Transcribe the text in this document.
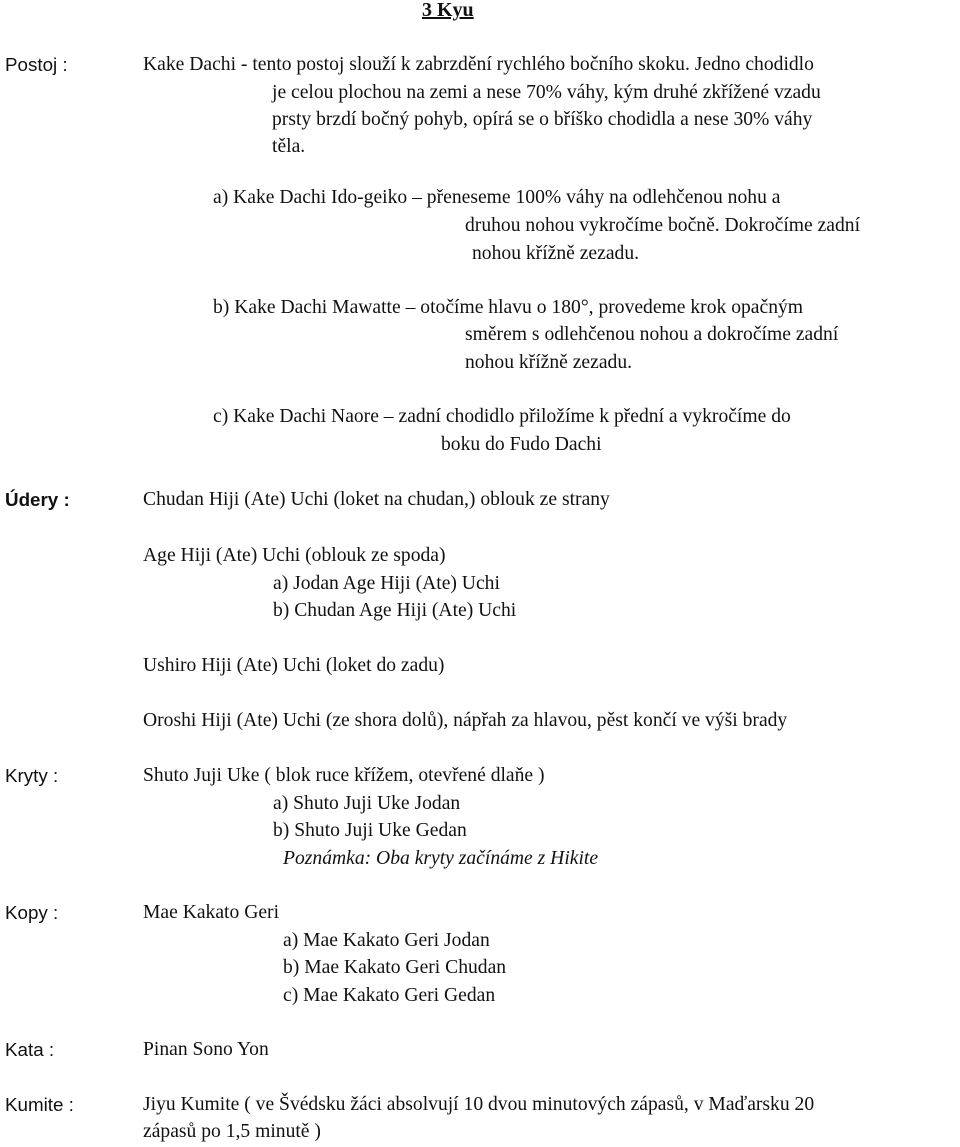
3 Kyu
Postoj :	Kake Dachi - tento postoj slouží k zabrzdění rychlého bočního skoku. Jedno chodidlo
je celou plochou na zemi a nese 70% váhy, kým druhé zkřížené vzadu
prsty brzdí bočný pohyb, opírá se o bříško chodidla a nese 30% váhy
těla.
a) Kake Dachi Ido-geiko – přeneseme 100% váhy na odlehčenou nohu a
druhou nohou vykročíme bočně. Dokročíme zadní
nohou křížně zezadu.
b) Kake Dachi Mawatte – otočíme hlavu o 180°, provedeme krok opačným
směrem s odlehčenou nohou a dokročíme zadní
nohou křížně zezadu.
c) Kake Dachi Naore – zadní chodidlo přiložíme k přední a vykročíme do
boku do Fudo Dachi
Údery :	Chudan Hiji (Ate) Uchi (loket na chudan,) oblouk ze strany
Age Hiji (Ate) Uchi (oblouk ze spoda)
a) Jodan Age Hiji (Ate) Uchi
b) Chudan Age Hiji (Ate) Uchi
Ushiro Hiji (Ate) Uchi (loket do zadu)
Oroshi Hiji (Ate) Uchi (ze shora dolů), nápřah za hlavou, pěst končí ve výši brady
Kryty :	Shuto Juji Uke ( blok ruce křížem, otevřené dlaňe )
a) Shuto Juji Uke Jodan
b) Shuto Juji Uke Gedan
Poznámka: Oba kryty začínáme z Hikite
Kopy :	Mae Kakato Geri
a) Mae Kakato Geri Jodan
b) Mae Kakato Geri Chudan
c) Mae Kakato Geri Gedan
Kata :	Pinan Sono Yon
Kumite :	Jiyu Kumite ( ve Švédsku žáci absolvují 10 dvou minutových zápasů, v Maďarsku 20
zápasů po 1,5 minutě )
